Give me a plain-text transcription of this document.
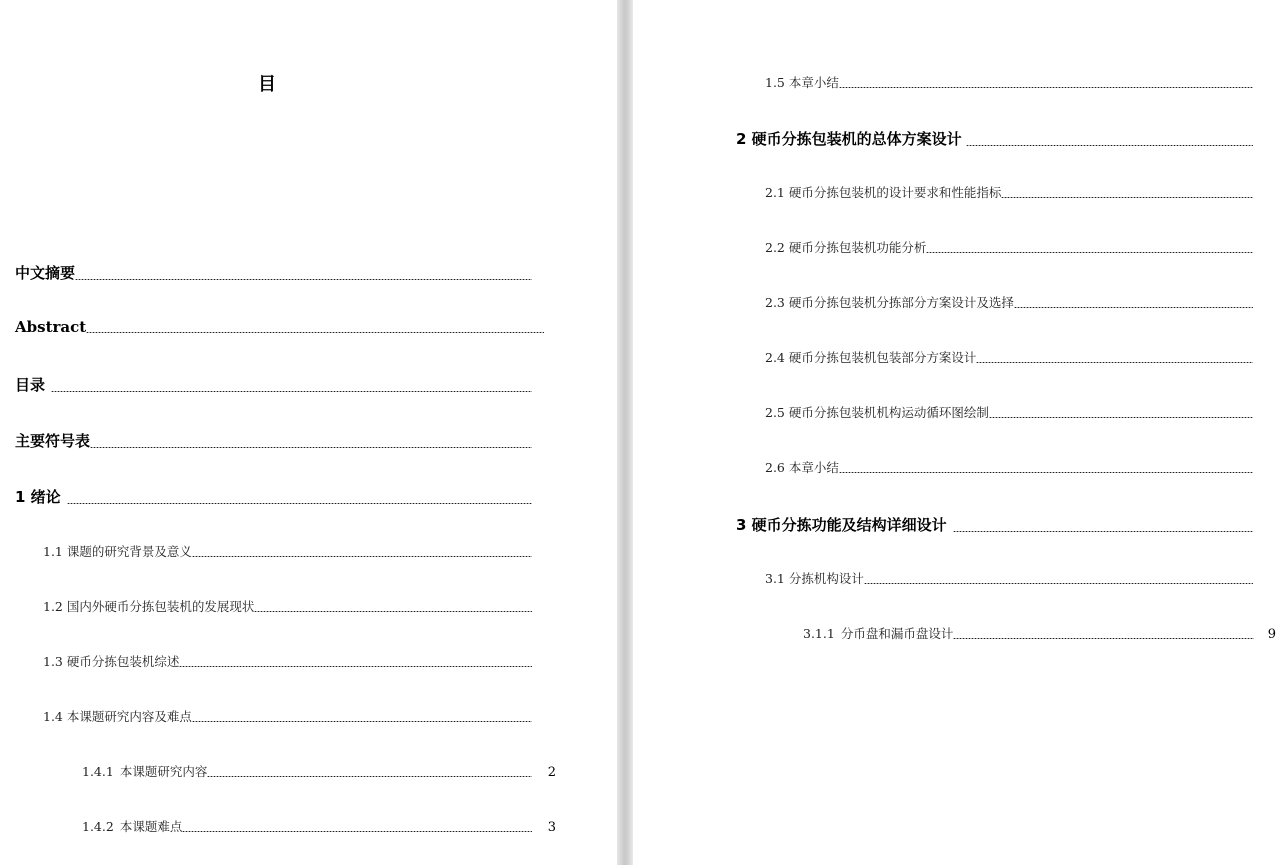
目
中文摘要
Abstract
目录
主要符号表
1 绪论
1.1 课题的研究背景及意义
1.2 国内外硬币分拣包装机的发展现状
1.3 硬币分拣包装机综述
1.4 本课题研究内容及难点
1.4.1 本课题研究内容	2
1.4.2 本课题难点	3
1.5 本章小结
2 硬币分拣包装机的总体方案设计
2.1 硬币分拣包装机的设计要求和性能指标
2.2 硬币分拣包装机功能分析
2.3 硬币分拣包装机分拣部分方案设计及选择
2.4 硬币分拣包装机包装部分方案设计
2.5 硬币分拣包装机机构运动循环图绘制
2.6 本章小结
3 硬币分拣功能及结构详细设计
3.1 分拣机构设计
3.1.1 分币盘和漏币盘设计	9
